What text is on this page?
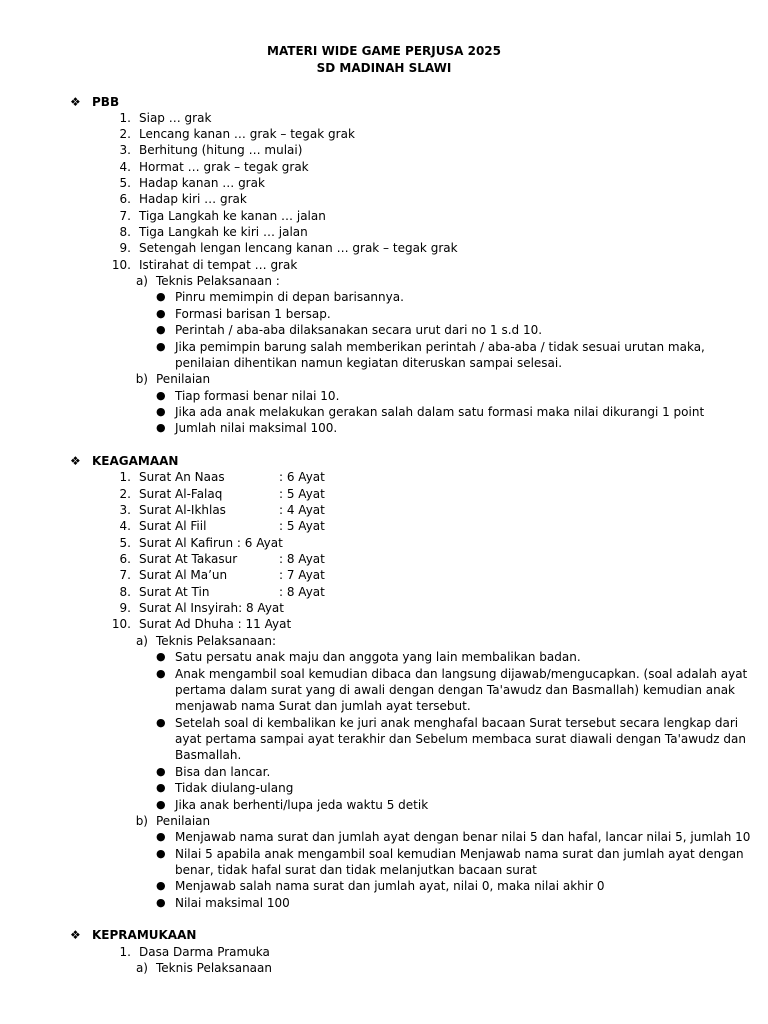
MATERI WIDE GAME PERJUSA 2025
SD MADINAH SLAWI
❖ PBB
1. Siap … grak
2. Lencang kanan … grak – tegak grak
3. Berhitung (hitung … mulai)
4. Hormat … grak – tegak grak
5. Hadap kanan … grak
6. Hadap kiri … grak
7. Tiga Langkah ke kanan … jalan
8. Tiga Langkah ke kiri … jalan
9. Setengah lengan lencang kanan … grak – tegak grak
10. Istirahat di tempat … grak
a) Teknis Pelaksanaan :
● Pinru memimpin di depan barisannya.
● Formasi barisan 1 bersap.
● Perintah / aba-aba dilaksanakan secara urut dari no 1 s.d 10.
● Jika pemimpin barung salah memberikan perintah / aba-aba / tidak sesuai urutan maka,
penilaian dihentikan namun kegiatan diteruskan sampai selesai.
b) Penilaian
● Tiap formasi benar nilai 10.
● Jika ada anak melakukan gerakan salah dalam satu formasi maka nilai dikurangi 1 point
● Jumlah nilai maksimal 100.
❖ KEAGAMAAN
1. Surat An Naas	: 6 Ayat
2. Surat Al-Falaq	: 5 Ayat
3. Surat Al-Ikhlas	: 4 Ayat
4. Surat Al Fiil	: 5 Ayat
5. Surat Al Kafirun : 6 Ayat
6. Surat At Takasur	: 8 Ayat
7. Surat Al Ma’un	: 7 Ayat
8. Surat At Tin	: 8 Ayat
9. Surat Al Insyirah: 8 Ayat
10. Surat Ad Dhuha : 11 Ayat
a) Teknis Pelaksanaan:
● Satu persatu anak maju dan anggota yang lain membalikan badan.
● Anak mengambil soal kemudian dibaca dan langsung dijawab/mengucapkan. (soal adalah ayat
pertama dalam surat yang di awali dengan dengan Ta'awudz dan Basmallah) kemudian anak
menjawab nama Surat dan jumlah ayat tersebut.
● Setelah soal di kembalikan ke juri anak menghafal bacaan Surat tersebut secara lengkap dari
ayat pertama sampai ayat terakhir dan Sebelum membaca surat diawali dengan Ta'awudz dan
Basmallah.
● Bisa dan lancar.
● Tidak diulang-ulang
● Jika anak berhenti/lupa jeda waktu 5 detik
b) Penilaian
● Menjawab nama surat dan jumlah ayat dengan benar nilai 5 dan hafal, lancar nilai 5, jumlah 10
● Nilai 5 apabila anak mengambil soal kemudian Menjawab nama surat dan jumlah ayat dengan
benar, tidak hafal surat dan tidak melanjutkan bacaan surat
● Menjawab salah nama surat dan jumlah ayat, nilai 0, maka nilai akhir 0
● Nilai maksimal 100
❖ KEPRAMUKAAN
1. Dasa Darma Pramuka
a) Teknis Pelaksanaan
